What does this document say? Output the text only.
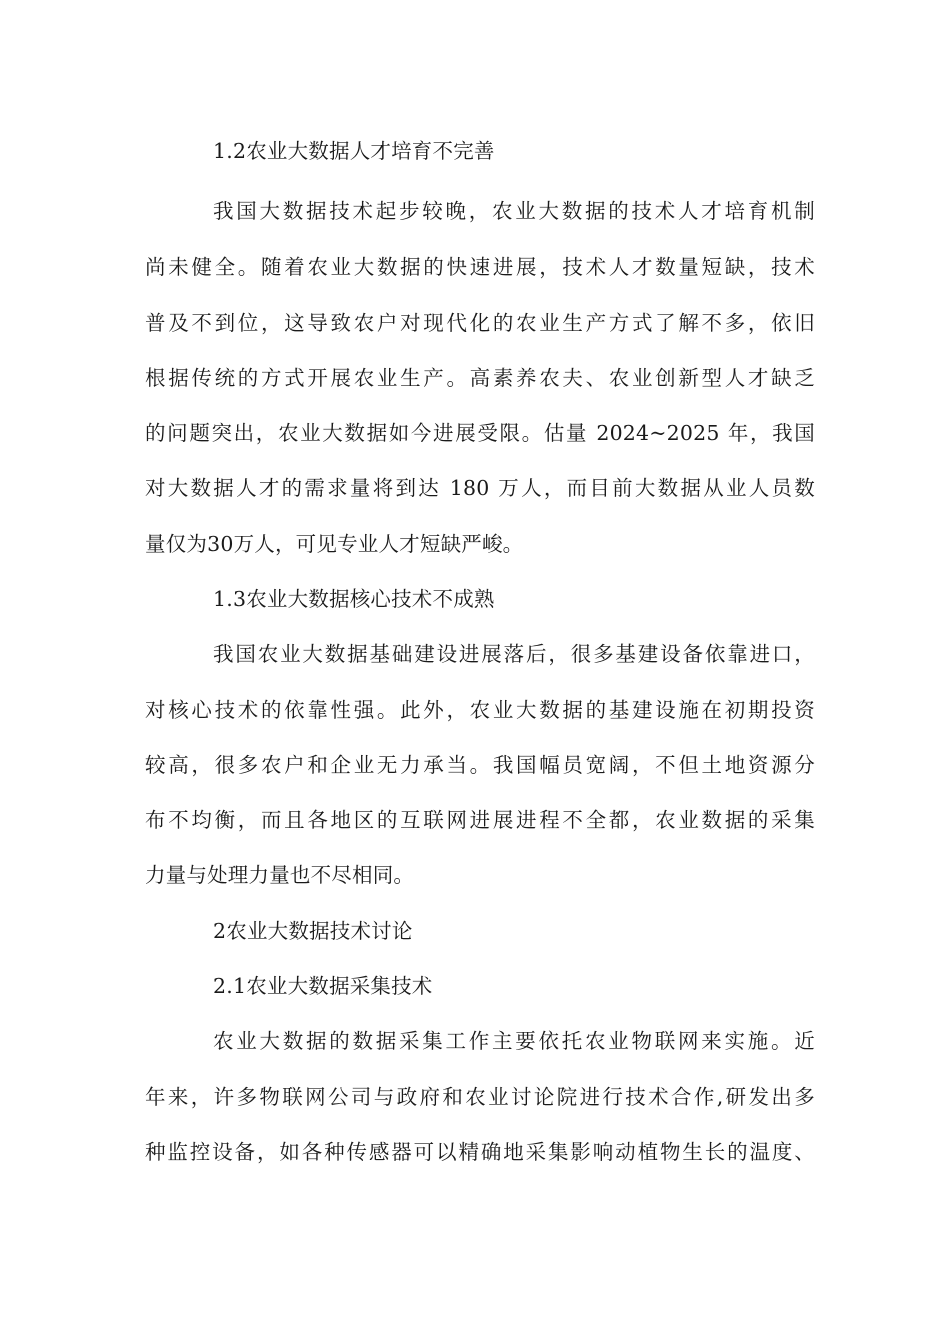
1.2农业大数据人才培育不完善
我国大数据技术起步较晚，农业大数据的技术人才培育机制
尚未健全。随着农业大数据的快速进展，技术人才数量短缺，技术
普及不到位，这导致农户对现代化的农业生产方式了解不多，依旧
根据传统的方式开展农业生产。高素养农夫、农业创新型人才缺乏
的问题突出，农业大数据如今进展受限。估量 2024~2025 年，我国
对大数据人才的需求量将到达 180 万人，而目前大数据从业人员数
量仅为30万人，可见专业人才短缺严峻。
1.3农业大数据核心技术不成熟
我国农业大数据基础建设进展落后，很多基建设备依靠进口，
对核心技术的依靠性强。此外，农业大数据的基建设施在初期投资
较高，很多农户和企业无力承当。我国幅员宽阔，不但土地资源分
布不均衡，而且各地区的互联网进展进程不全都，农业数据的采集
力量与处理力量也不尽相同。
2农业大数据技术讨论
2.1农业大数据采集技术
农业大数据的数据采集工作主要依托农业物联网来实施。近
年来，许多物联网公司与政府和农业讨论院进行技术合作,研发出多
种监控设备，如各种传感器可以精确地采集影响动植物生长的温度、
